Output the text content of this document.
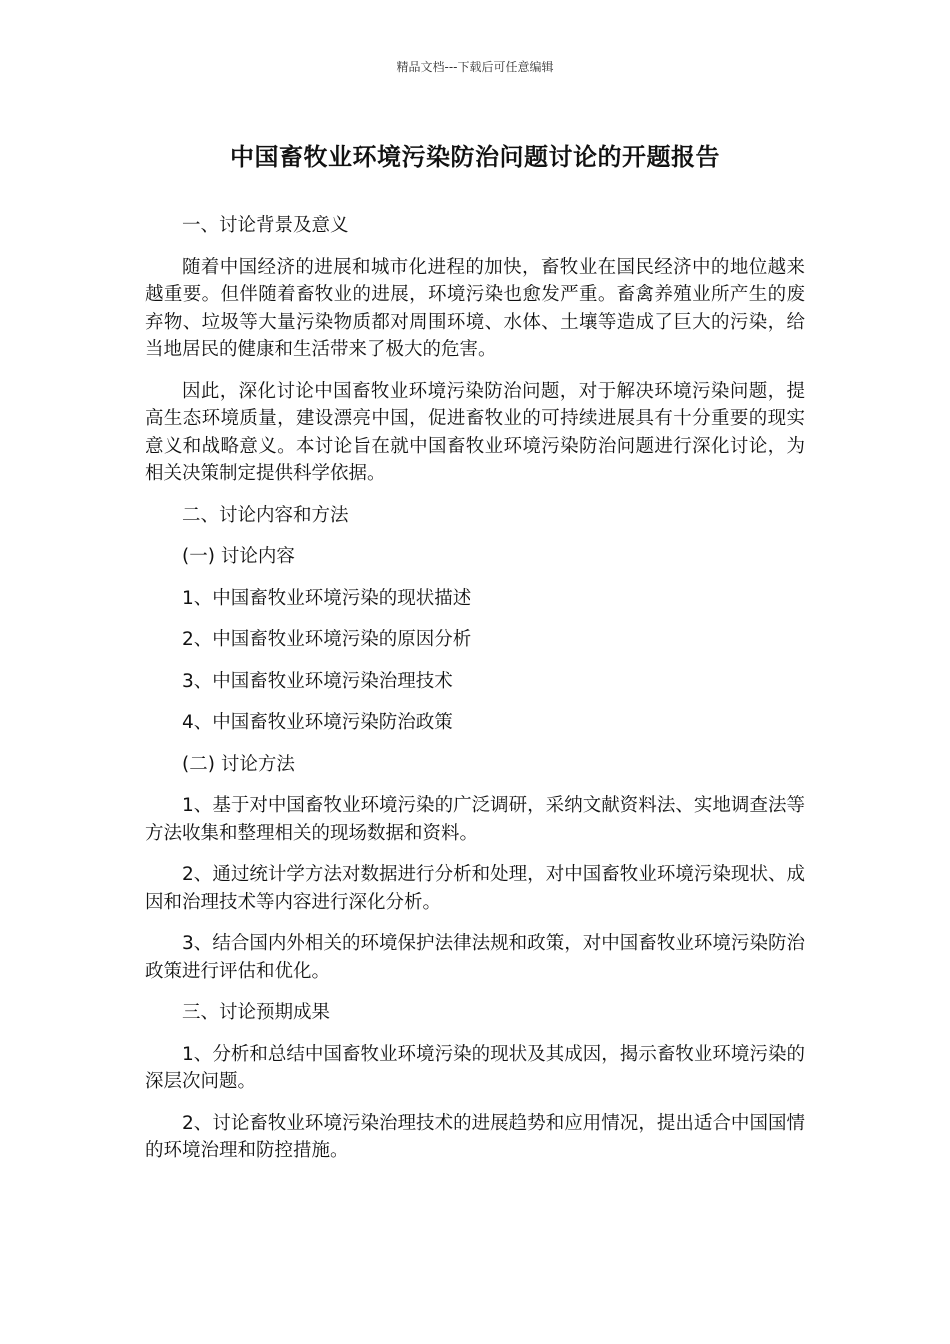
精品文档---下载后可任意编辑
中国畜牧业环境污染防治问题讨论的开题报告

一、讨论背景及意义

随着中国经济的进展和城市化进程的加快，畜牧业在国民经济中的地位越来越重要。但伴随着畜牧业的进展，环境污染也愈发严重。畜禽养殖业所产生的废弃物、垃圾等大量污染物质都对周围环境、水体、土壤等造成了巨大的污染，给当地居民的健康和生活带来了极大的危害。

因此，深化讨论中国畜牧业环境污染防治问题，对于解决环境污染问题，提高生态环境质量，建设漂亮中国，促进畜牧业的可持续进展具有十分重要的现实意义和战略意义。本讨论旨在就中国畜牧业环境污染防治问题进行深化讨论，为相关决策制定提供科学依据。

二、讨论内容和方法

(一) 讨论内容

1、中国畜牧业环境污染的现状描述

2、中国畜牧业环境污染的原因分析

3、中国畜牧业环境污染治理技术

4、中国畜牧业环境污染防治政策

(二) 讨论方法

1、基于对中国畜牧业环境污染的广泛调研，采纳文献资料法、实地调查法等方法收集和整理相关的现场数据和资料。

2、通过统计学方法对数据进行分析和处理，对中国畜牧业环境污染现状、成因和治理技术等内容进行深化分析。

3、结合国内外相关的环境保护法律法规和政策，对中国畜牧业环境污染防治政策进行评估和优化。

三、讨论预期成果

1、分析和总结中国畜牧业环境污染的现状及其成因，揭示畜牧业环境污染的深层次问题。

2、讨论畜牧业环境污染治理技术的进展趋势和应用情况，提出适合中国国情的环境治理和防控措施。
